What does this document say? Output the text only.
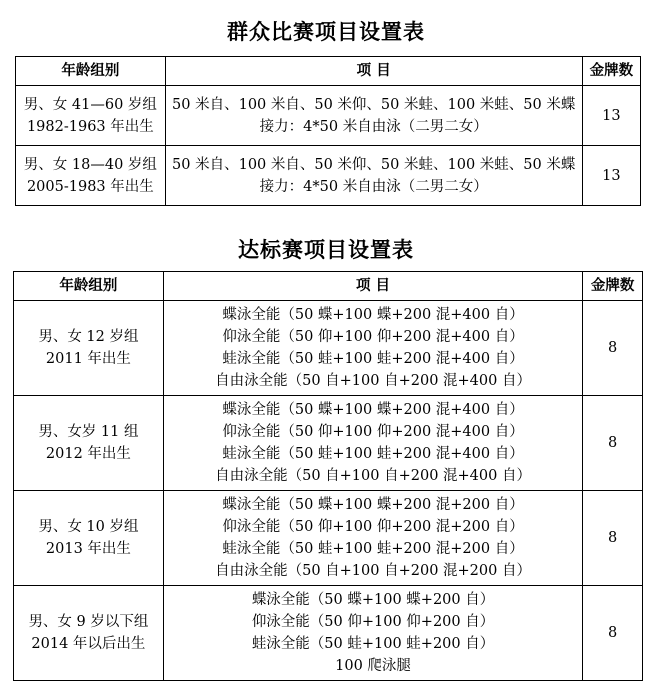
群众比赛项目设置表
年龄组别	项 目	金牌数

男、女 41—60 岁组
1982-1963 年出生	50 米自、100 米自、50 米仰、50 米蛙、100 米蛙、50 米蝶
接力：4*50 米自由泳（二男二女）	13

男、女 18—40 岁组
2005-1983 年出生	50 米自、100 米自、50 米仰、50 米蛙、100 米蛙、50 米蝶
接力：4*50 米自由泳（二男二女）	13
达标赛项目设置表
年龄组别	项 目	金牌数

男、女 12 岁组
2011 年出生	蝶泳全能（50 蝶+100 蝶+200 混+400 自）
仰泳全能（50 仰+100 仰+200 混+400 自）
蛙泳全能（50 蛙+100 蛙+200 混+400 自）
自由泳全能（50 自+100 自+200 混+400 自）	8

男、女岁 11 组
2012 年出生	蝶泳全能（50 蝶+100 蝶+200 混+400 自）
仰泳全能（50 仰+100 仰+200 混+400 自）
蛙泳全能（50 蛙+100 蛙+200 混+400 自）
自由泳全能（50 自+100 自+200 混+400 自）	8

男、女 10 岁组
2013 年出生	蝶泳全能（50 蝶+100 蝶+200 混+200 自）
仰泳全能（50 仰+100 仰+200 混+200 自）
蛙泳全能（50 蛙+100 蛙+200 混+200 自）
自由泳全能（50 自+100 自+200 混+200 自）	8

男、女 9 岁以下组
2014 年以后出生	蝶泳全能（50 蝶+100 蝶+200 自）
仰泳全能（50 仰+100 仰+200 自）
蛙泳全能（50 蛙+100 蛙+200 自）
100 爬泳腿	8
